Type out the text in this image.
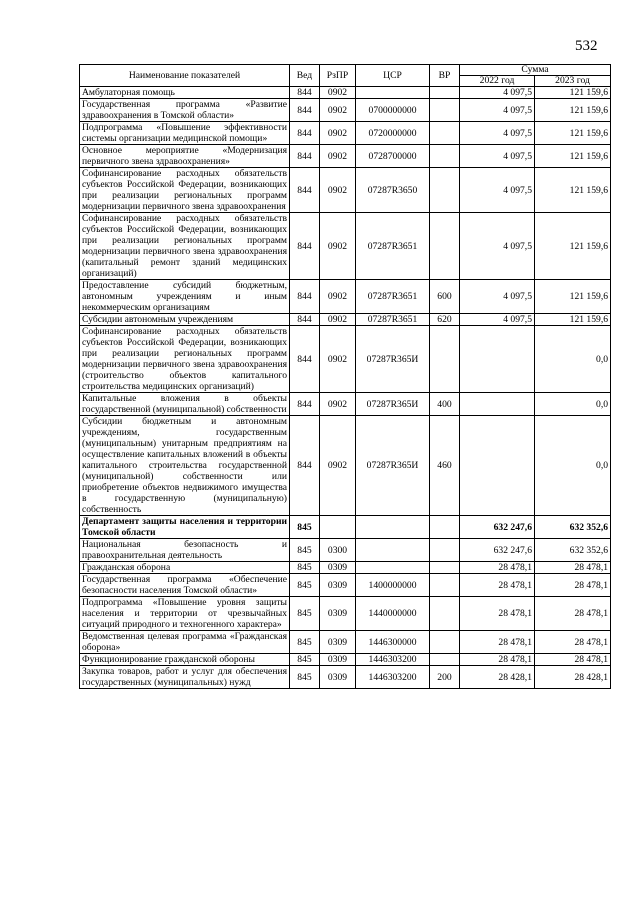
532
Наименование показателей	Вед	РзПР	ЦСР	ВР	Сумма	
					2022 год	2023 год
Амбулаторная помощь	844	0902			4 097,5	121 159,6
Государственная программа «Развитие здравоохранения в Томской области»	844	0902	0700000000		4 097,5	121 159,6
Подпрограмма «Повышение эффективности системы организации медицинской помощи»	844	0902	0720000000		4 097,5	121 159,6
Основное мероприятие «Модернизация первичного звена здравоохранения»	844	0902	0728700000		4 097,5	121 159,6
Софинансирование расходных обязательств субъектов Российской Федерации, возникающих при реализации региональных программ модернизации первичного звена здравоохранения	844	0902	07287R3650		4 097,5	121 159,6
Софинансирование расходных обязательств субъектов Российской Федерации, возникающих при реализации региональных программ модернизации первичного звена здравоохранения (капитальный ремонт зданий медицинских организаций)	844	0902	07287R3651		4 097,5	121 159,6
Предоставление субсидий бюджетным, автономным учреждениям и иным некоммерческим организациям	844	0902	07287R3651	600	4 097,5	121 159,6
Субсидии автономным учреждениям	844	0902	07287R3651	620	4 097,5	121 159,6
Софинансирование расходных обязательств субъектов Российской Федерации, возникающих при реализации региональных программ модернизации первичного звена здравоохранения (строительство объектов капитального строительства медицинских организаций)	844	0902	07287R365И			0,0
Капитальные вложения в объекты государственной (муниципальной) собственности	844	0902	07287R365И	400		0,0
Субсидии бюджетным и автономным учреждениям, государственным (муниципальным) унитарным предприятиям на осуществление капитальных вложений в объекты капитального строительства государственной (муниципальной) собственности или приобретение объектов недвижимого имущества в государственную (муниципальную) собственность	844	0902	07287R365И	460		0,0
Департамент защиты населения и территории Томской области	845				632 247,6	632 352,6
Национальная безопасность и правоохранительная деятельность	845	0300			632 247,6	632 352,6
Гражданская оборона	845	0309			28 478,1	28 478,1
Государственная программа «Обеспечение безопасности населения Томской области»	845	0309	1400000000		28 478,1	28 478,1
Подпрограмма «Повышение уровня защиты населения и территории от чрезвычайных ситуаций природного и техногенного характера»	845	0309	1440000000		28 478,1	28 478,1
Ведомственная целевая программа «Гражданская оборона»	845	0309	1446300000		28 478,1	28 478,1
Функционирование гражданской обороны	845	0309	1446303200		28 478,1	28 478,1
Закупка товаров, работ и услуг для обеспечения государственных (муниципальных) нужд	845	0309	1446303200	200	28 428,1	28 428,1
